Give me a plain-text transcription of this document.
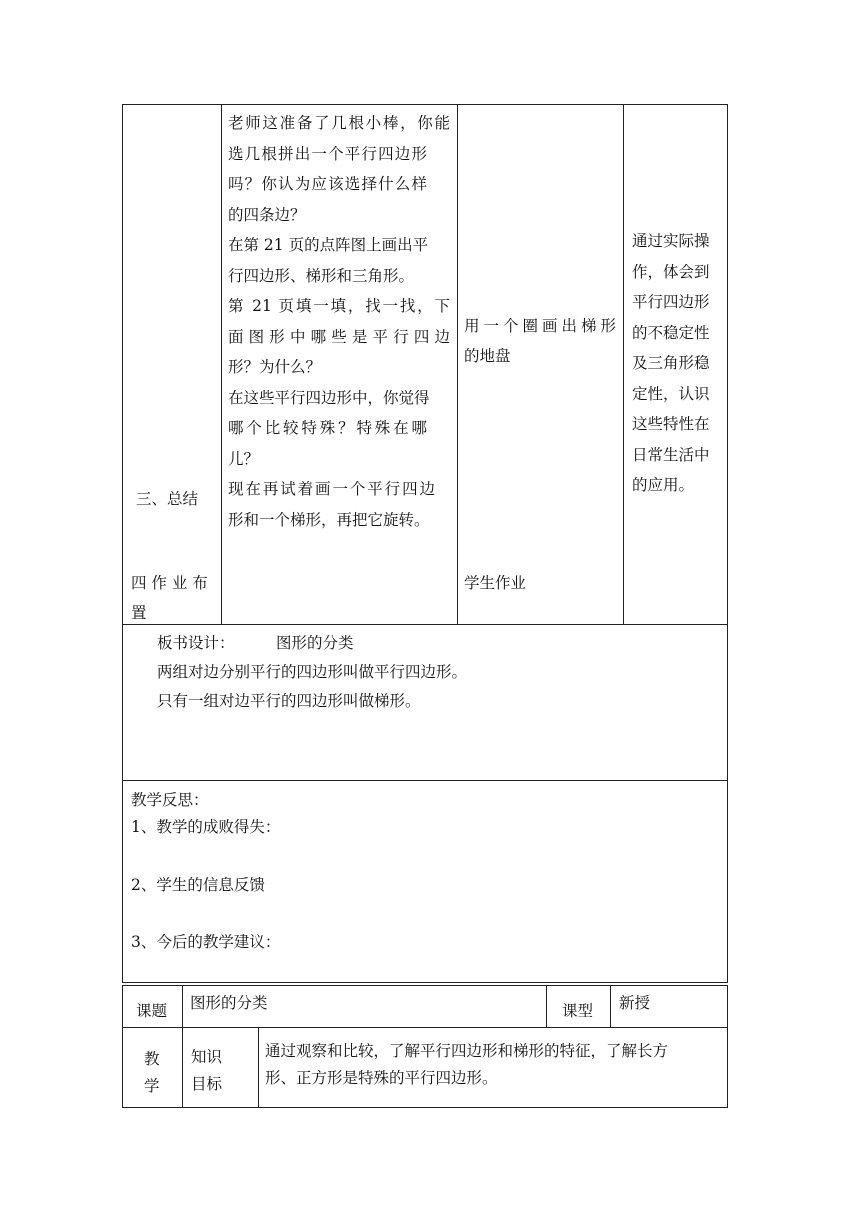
三、总结
四 作 业 布
置
老师这准备了几根小棒，你能
选几根拼出一个平行四边形
吗？你认为应该选择什么样
的四条边？
在第 21 页的点阵图上画出平
行四边形、梯形和三角形。
第 21 页填一填，找一找，下
面图形中哪些是平行四边
形？为什么？
在这些平行四边形中，你觉得
哪个比较特殊？特殊在哪
儿？
现在再试着画一个平行四边
形和一个梯形，再把它旋转。
用一个圈画出梯形
的地盘
学生作业
通过实际操
作，体会到
平行四边形
的不稳定性
及三角形稳
定性，认识
这些特性在
日常生活中
的应用。
板书设计：	图形的分类
两组对边分别平行的四边形叫做平行四边形。
只有一组对边平行的四边形叫做梯形。
教学反思：
1、教学的成败得失：
2、学生的信息反馈
3、今后的教学建议：
课题 图形的分类	课型 新授
教
学
知识
目标
通过观察和比较，了解平行四边形和梯形的特征，了解长方
形、正方形是特殊的平行四边形。
